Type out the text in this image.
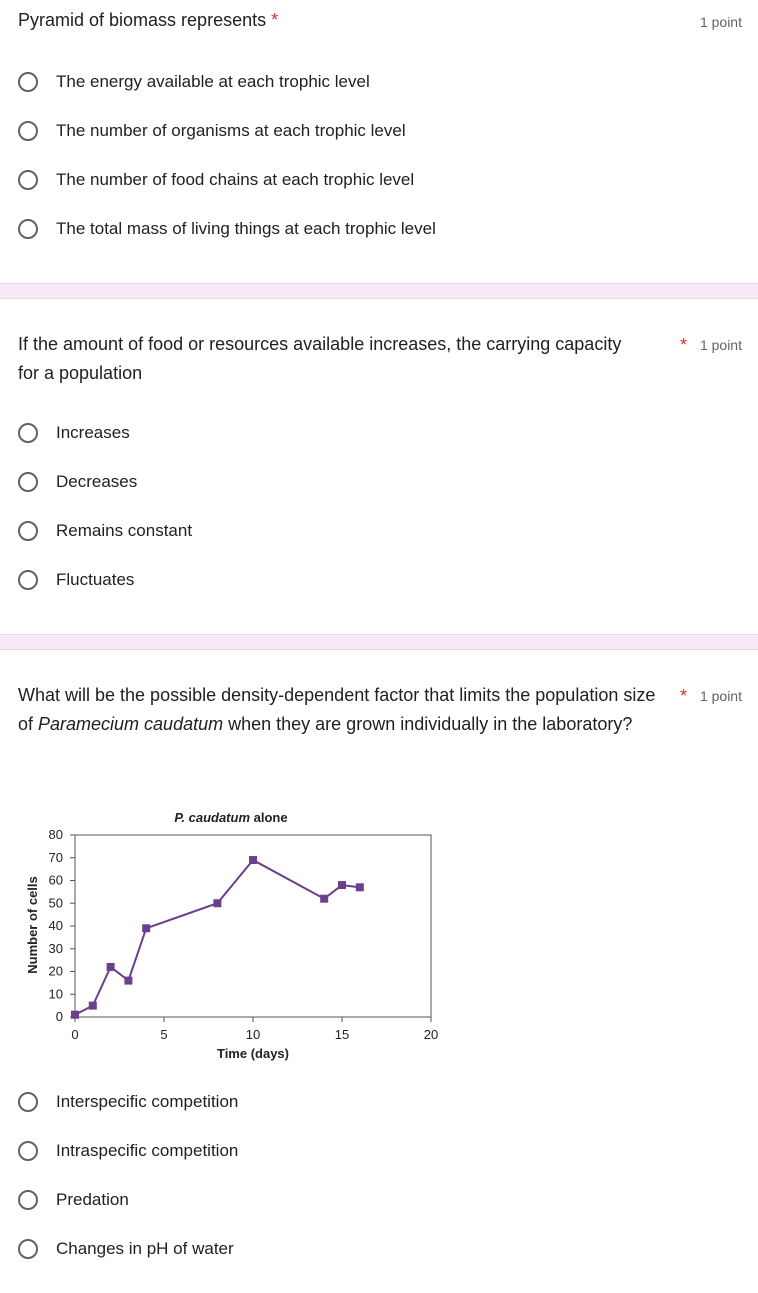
Pyramid of biomass represents *	1 point
The energy available at each trophic level
The number of organisms at each trophic level
The number of food chains at each trophic level
The total mass of living things at each trophic level
If the amount of food or resources available increases, the carrying capacity for a population
* 1 point
Increases
Decreases
Remains constant
Fluctuates
What will be the possible density-dependent factor that limits the population size of Paramecium caudatum when they are grown individually in the laboratory?
* 1 point
P. caudatum alone
0
10
20
30
40
50
60
70
80
0	5	10	15	20
Number of cells
Time (days)
Interspecific competition
Intraspecific competition
Predation
Changes in pH of water
